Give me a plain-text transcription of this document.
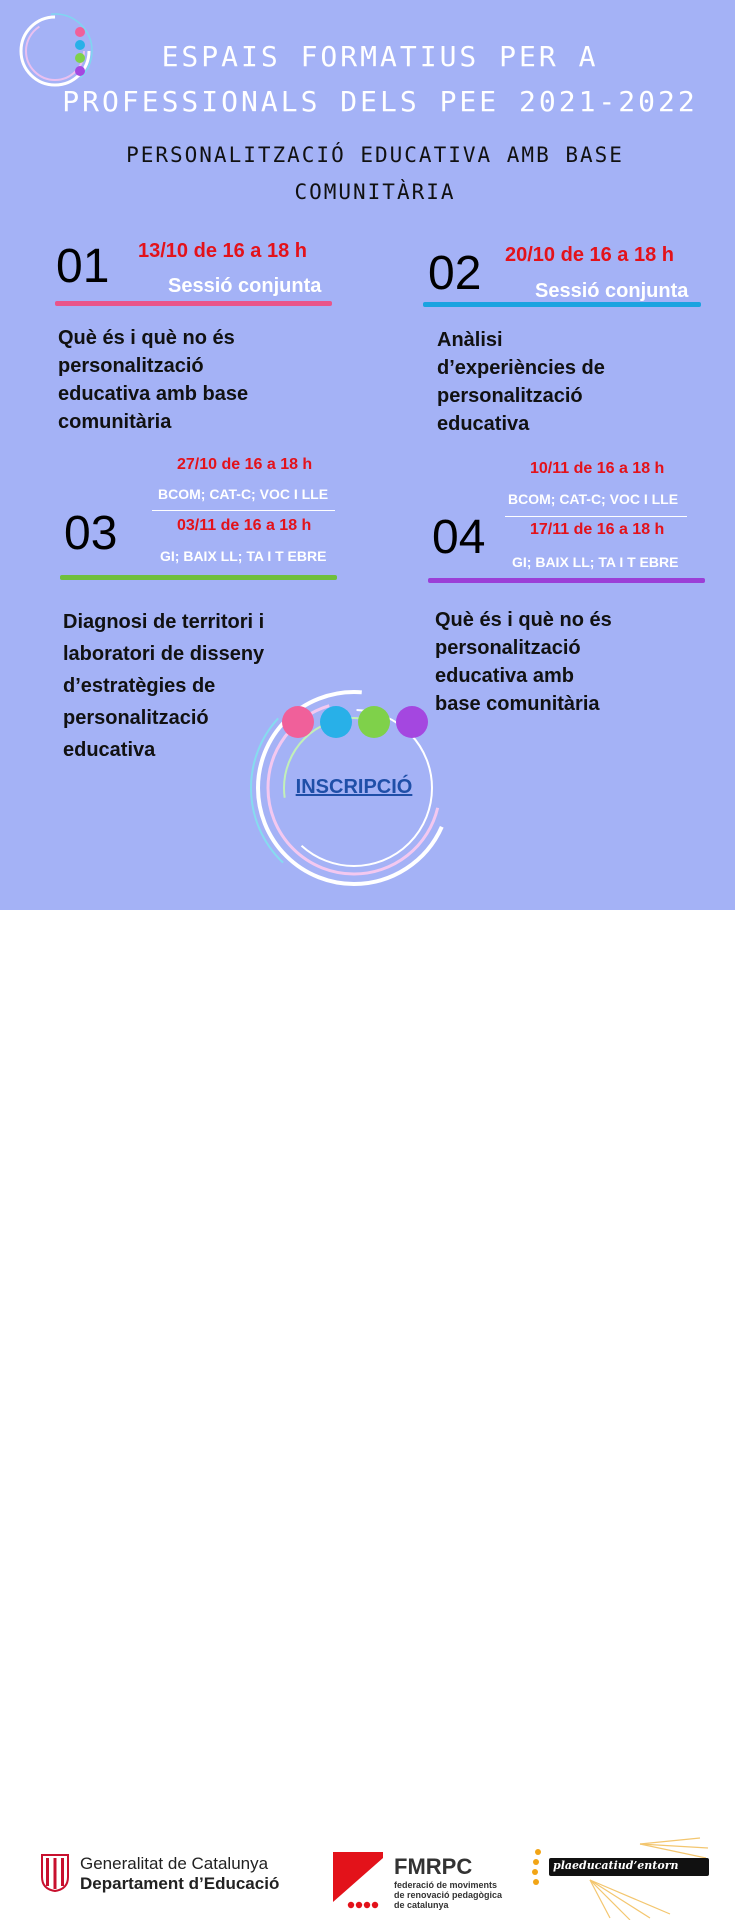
ESPAIS FORMATIUS PER A
PROFESSIONALS DELS PEE 2021-2022
PERSONALITZACIÓ EDUCATIVA AMB BASE
COMUNITÀRIA
01 13/10 de 16 a 18 h
Sessió conjunta
Què és i què no és
personalització
educativa amb base
comunitària
02 20/10 de 16 a 18 h
Sessió conjunta
Anàlisi
d’experiències de
personalització
educativa
27/10 de 16 a 18 h
BCOM; CAT-C; VOC I LLE
03/11 de 16 a 18 h
GI; BAIX LL; TA I T EBRE
03
Diagnosi de territori i
laboratori de disseny
d’estratègies de
personalització
educativa
10/11 de 16 a 18 h
BCOM; CAT-C; VOC I LLE
17/11 de 16 a 18 h
GI; BAIX LL; TA I T EBRE
04
Què és i què no és
personalització
educativa amb
base comunitària
INSCRIPCIÓ
Generalitat de Catalunya
Departament d’Educació
FMRPC
federació de moviments
de renovació pedagògica
de catalunya
plaeducatiud’entorn
